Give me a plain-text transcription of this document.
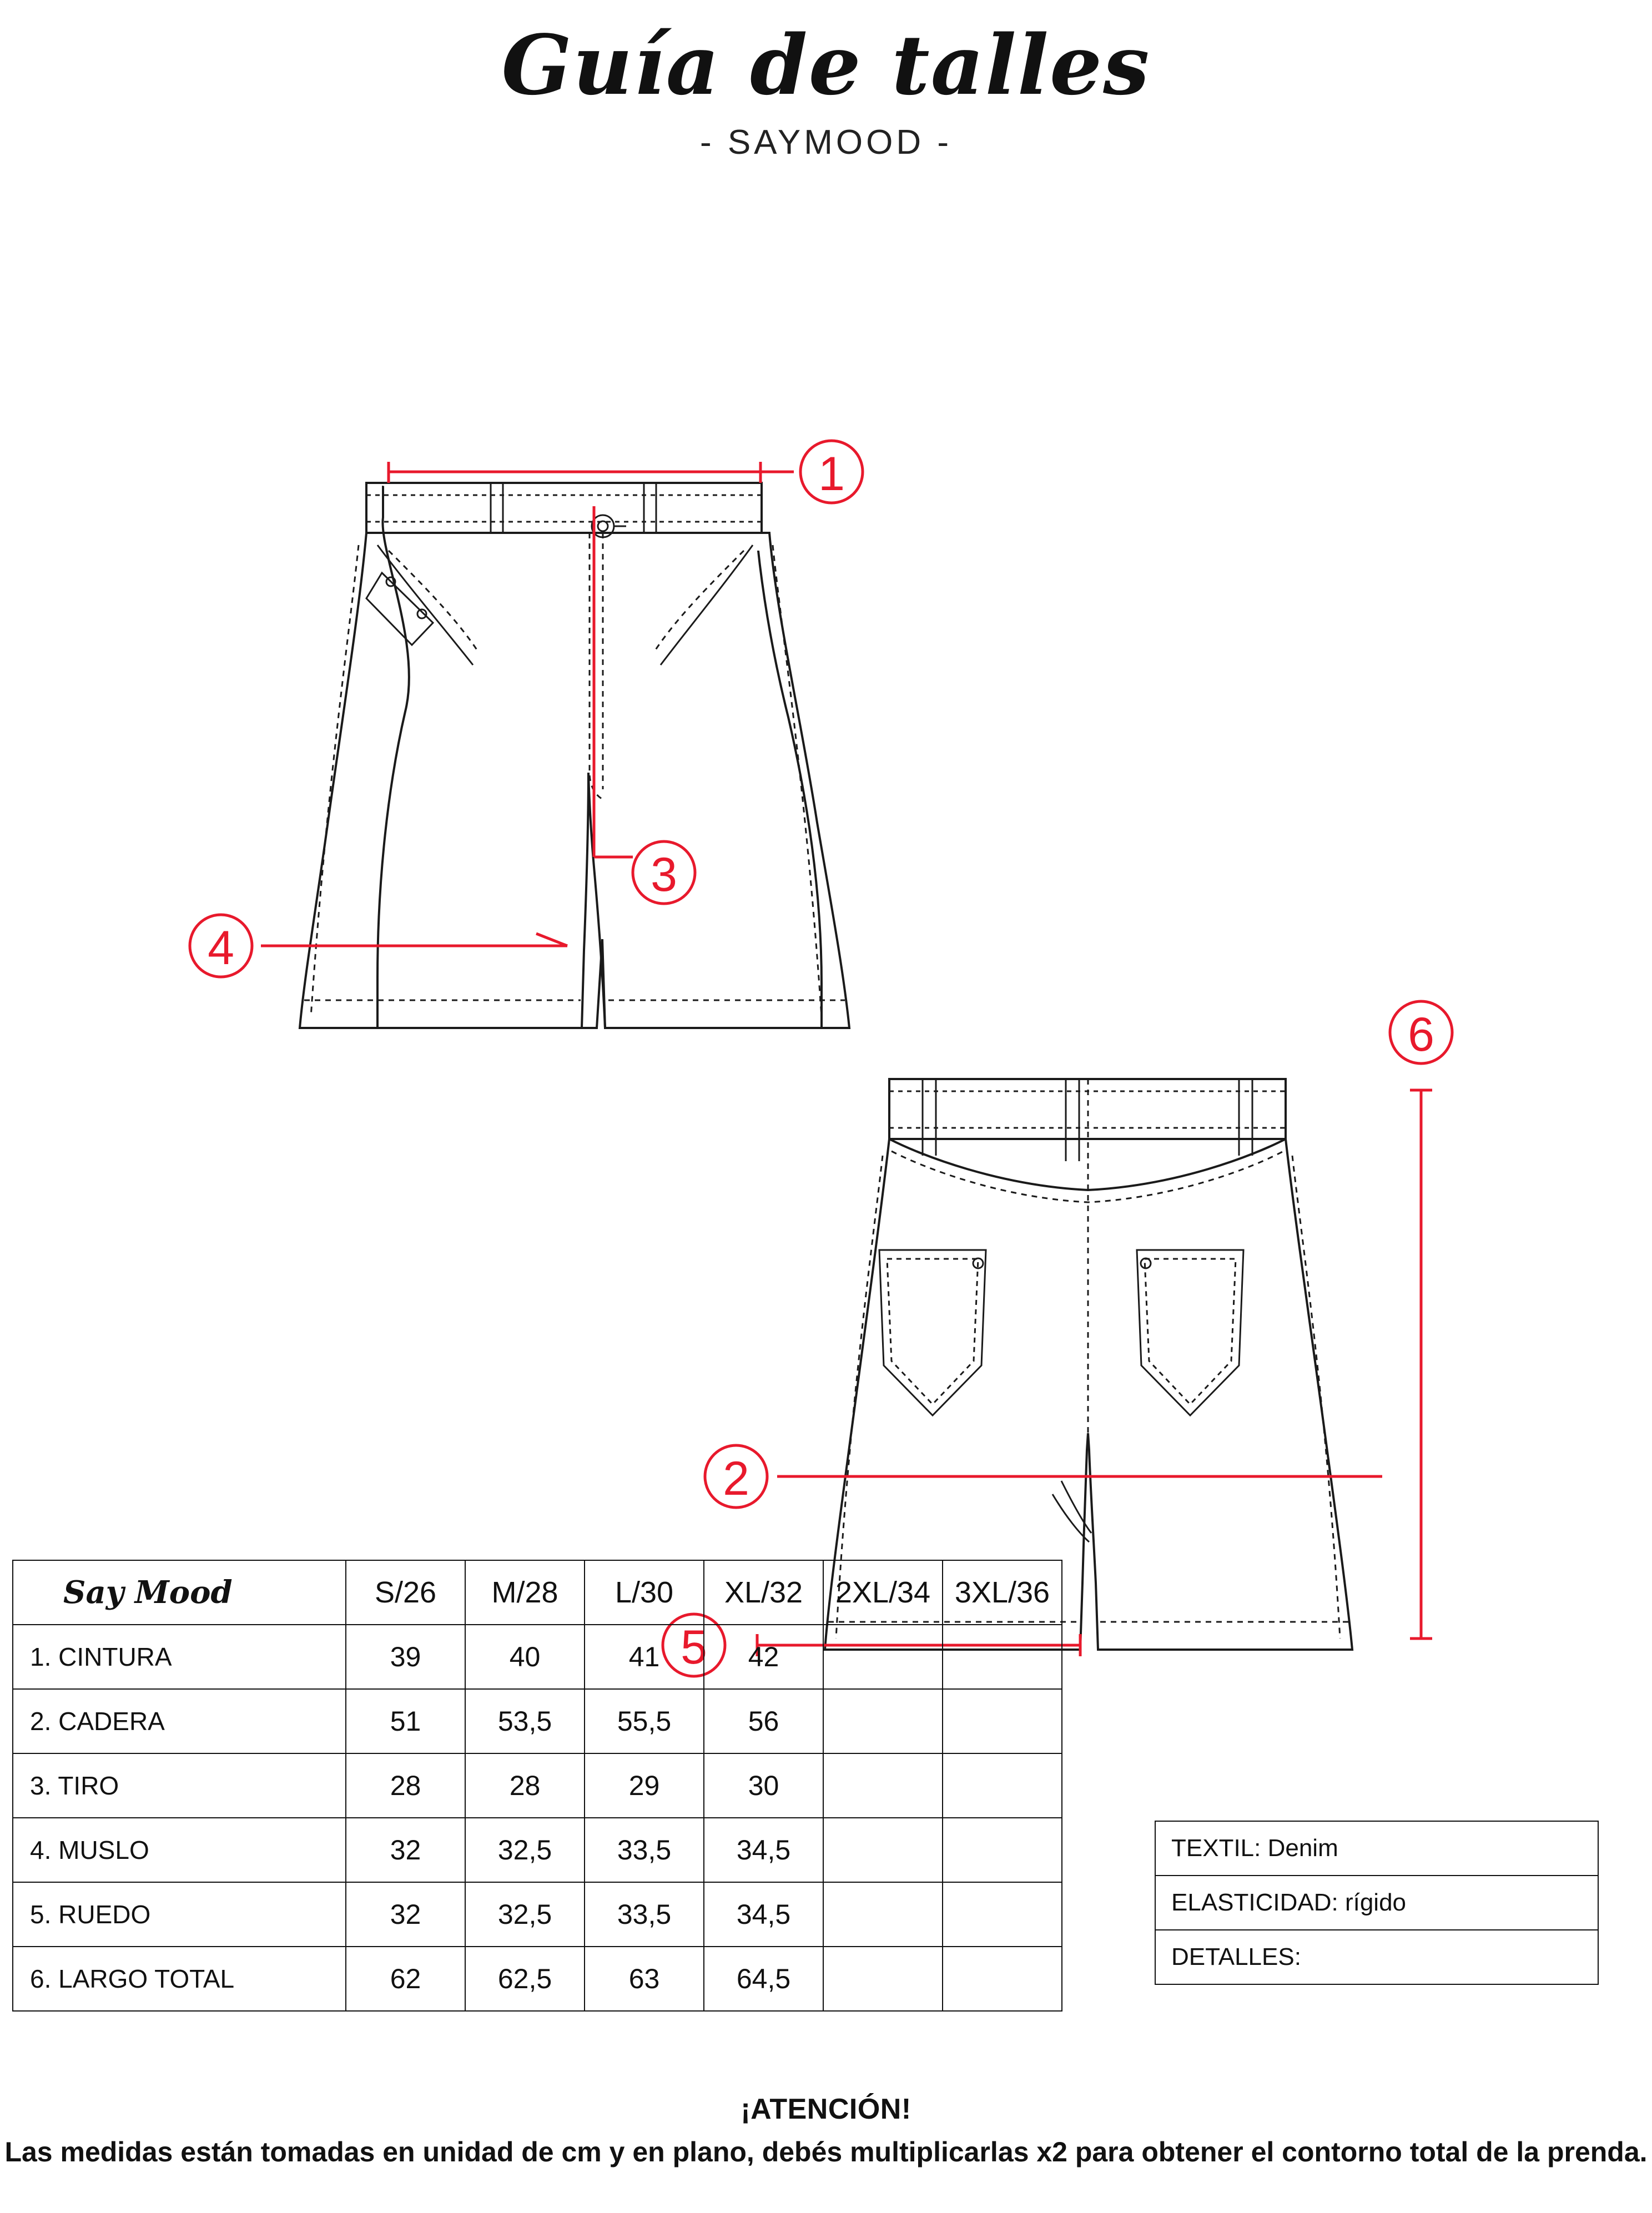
Guía de talles
- SAYMOOD -
1
3
4
2
5
6
Say Mood	S/26	M/28	L/30	XL/32	2XL/34	3XL/36
1. CINTURA	39	40	41	42		
2. CADERA	51	53,5	55,5	56		
3. TIRO	28	28	29	30		
4. MUSLO	32	32,5	33,5	34,5		
5. RUEDO	32	32,5	33,5	34,5		
6. LARGO TOTAL	62	62,5	63	64,5		
TEXTIL: Denim
ELASTICIDAD: rígido
DETALLES:
¡ATENCIÓN!
Las medidas están tomadas en unidad de cm y en plano, debés multiplicarlas x2 para obtener el contorno total de la prenda.
